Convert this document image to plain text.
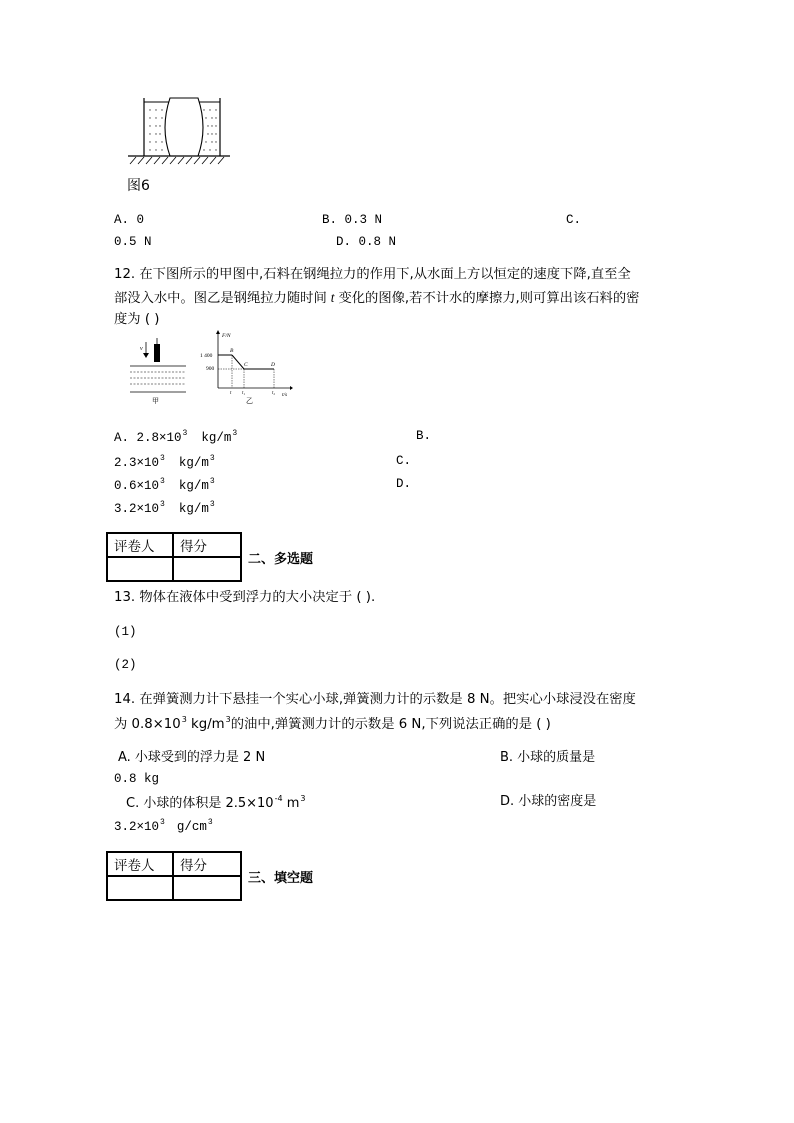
图6
A. 0	B. 0.3 N	C.
0.5 N	D. 0.8 N
12. 在下图所示的甲图中,石料在钢绳拉力的作用下,从水面上方以恒定的速度下降,直至全
部没入水中。图乙是钢绳拉力随时间 t 变化的图像,若不计水的摩擦力,则可算出该石料的密
度为 ( )
v
甲
F/N
t/s
1 400
900
B
C	D
t t₁	t₂
乙
A. $2.8\times 10^3$ $kg/m^3$	B.
$2.3\times 10^3$ $kg/m^3$	C.
$0.6\times 10^3$ $kg/m^3$	D.
$3.2\times 10^3$ $kg/m^3$
评卷人	得分

二、多选题
13. 物体在液体中受到浮力的大小决定于 ( ).
(1)
(2)
14. 在弹簧测力计下悬挂一个实心小球,弹簧测力计的示数是 8 N。把实心小球浸没在密度
为 $0.8\times 10^3$ $kg/m^3$的油中,弹簧测力计的示数是 6 N,下列说法正确的是 ( )
A. 小球受到的浮力是 2 N	B. 小球的质量是
0.8 kg
C. 小球的体积是 $2.5\times 10^{-4}$ $m^3$	D. 小球的密度是
$3.2\times 10^3$ $g/cm^3$
评卷人	得分

三、填空题
